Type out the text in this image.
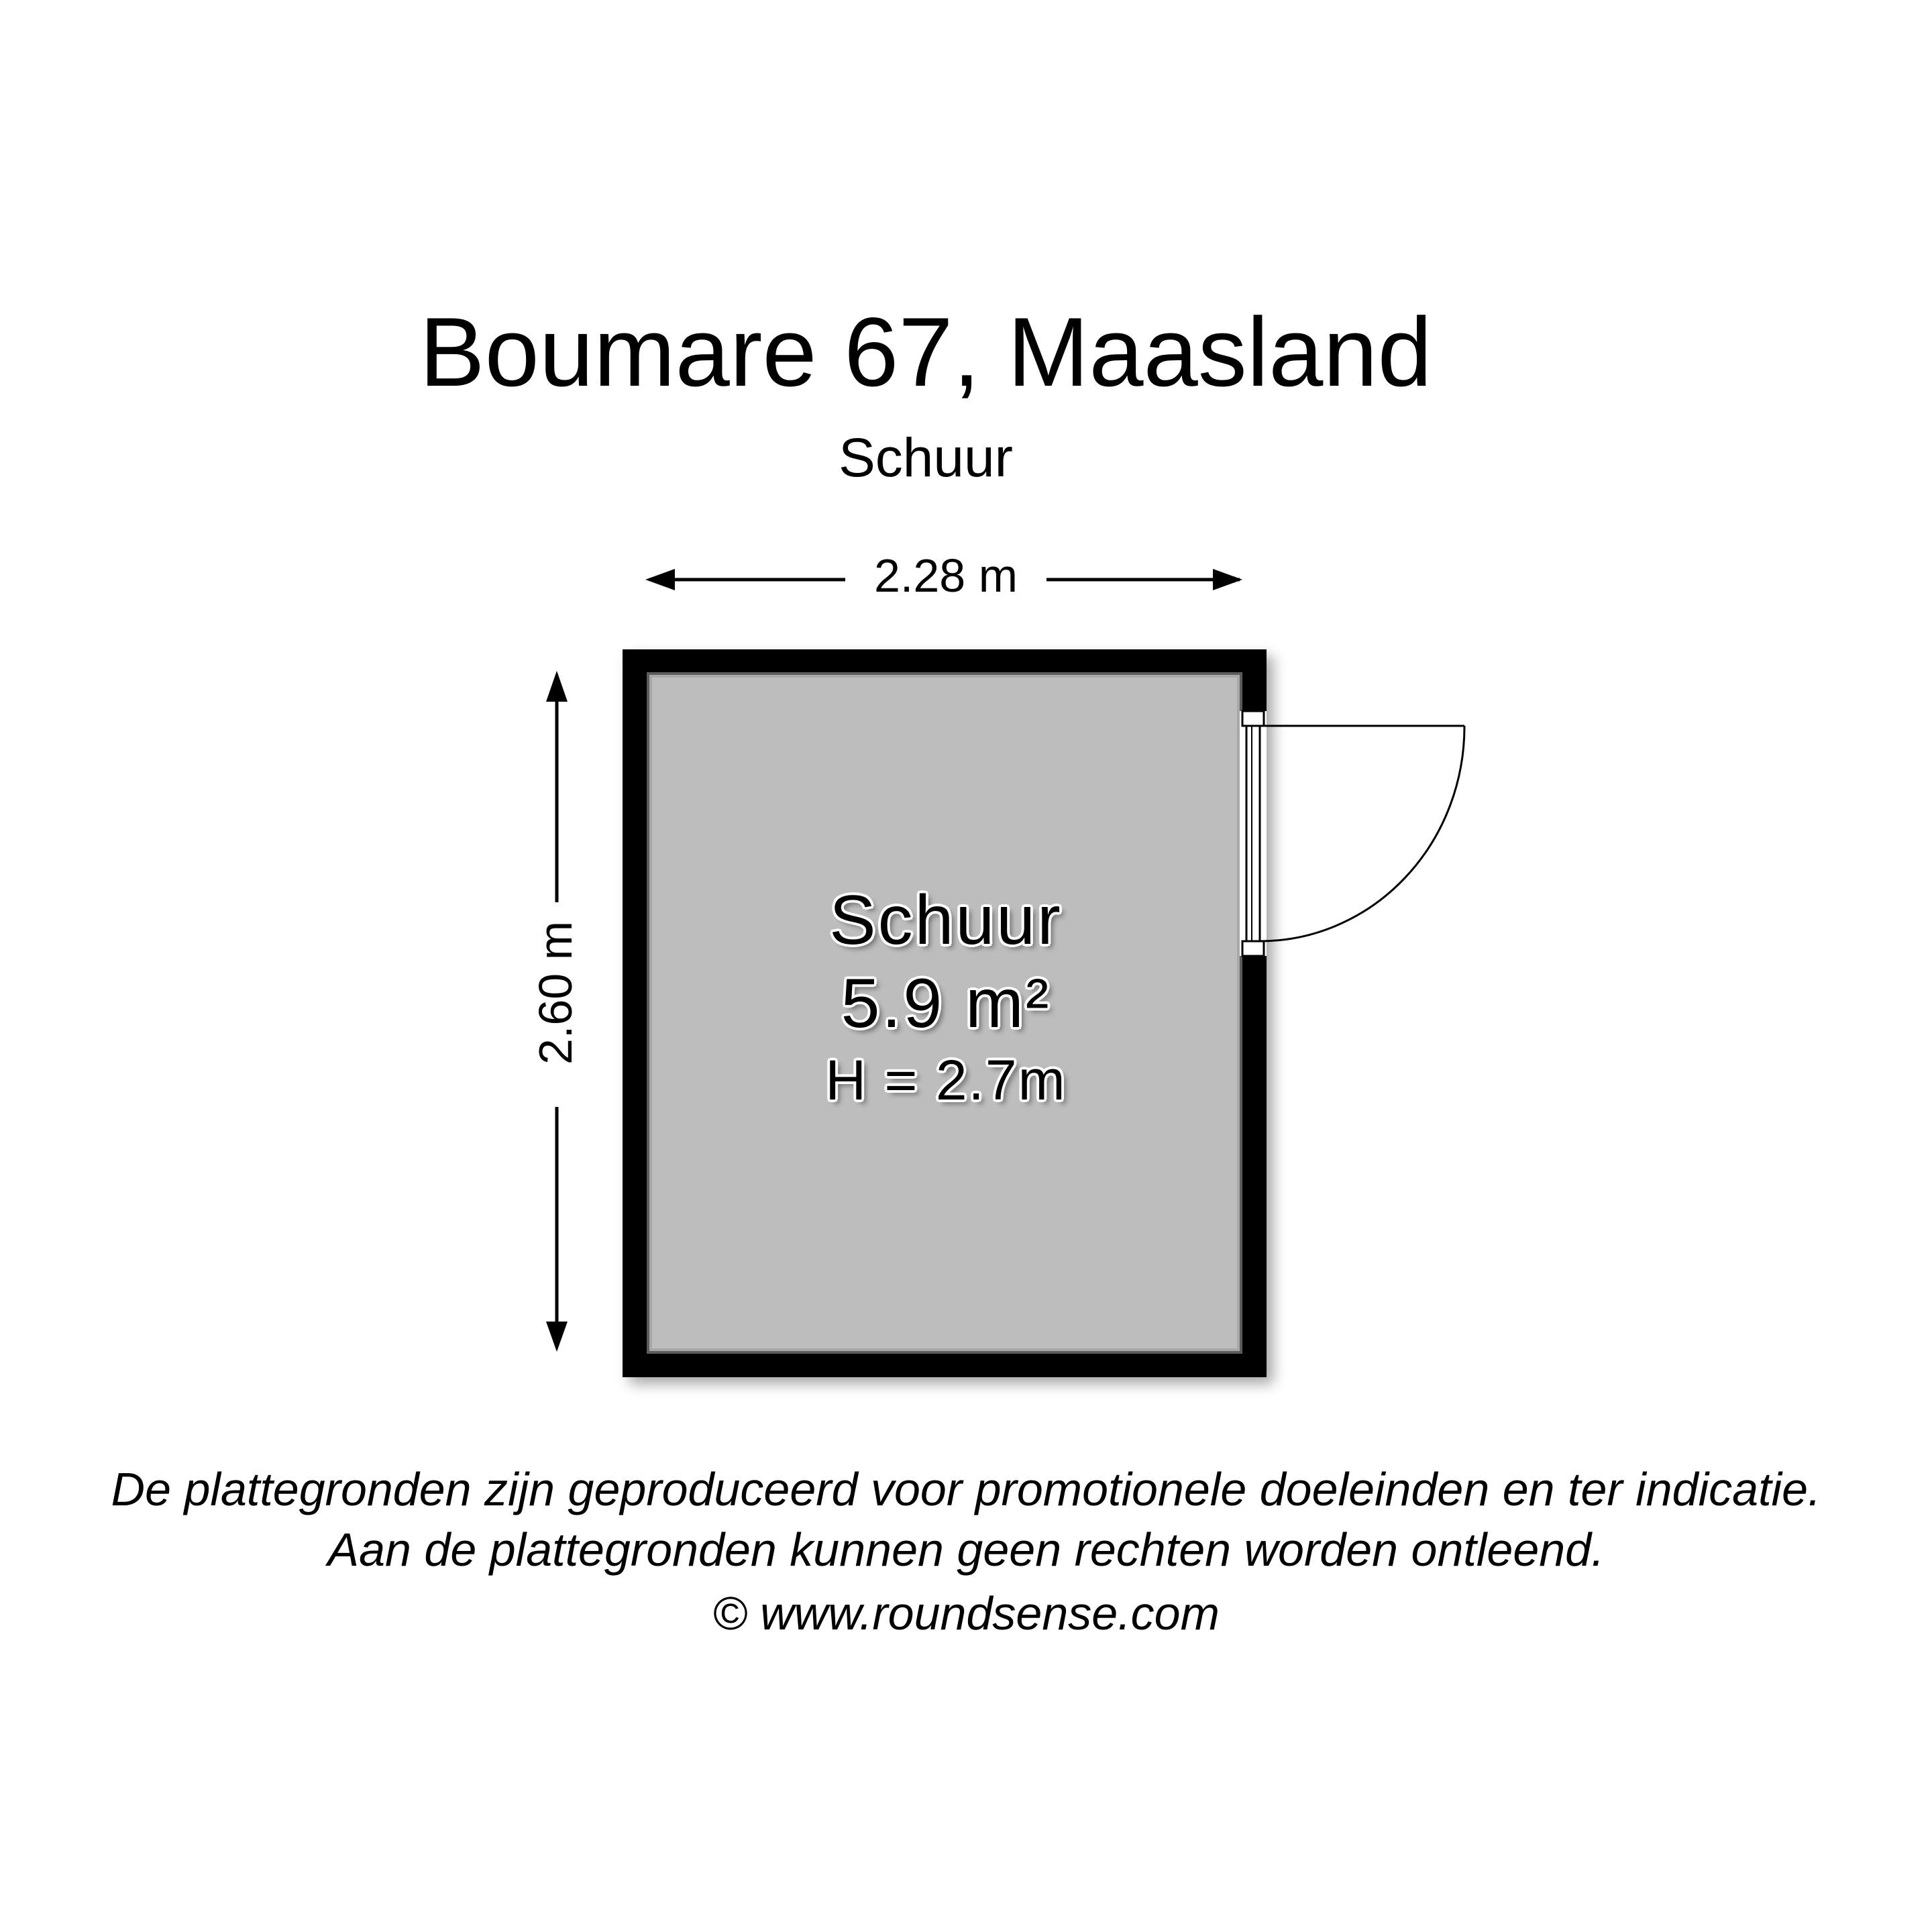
Boumare 67, Maasland
Schuur
2.28 m
2.60 m
Schuur
5.9 m²
H = 2.7m
De plattegronden zijn geproduceerd voor promotionele doeleinden en ter indicatie.
Aan de plattegronden kunnen geen rechten worden ontleend.
© www.roundsense.com
